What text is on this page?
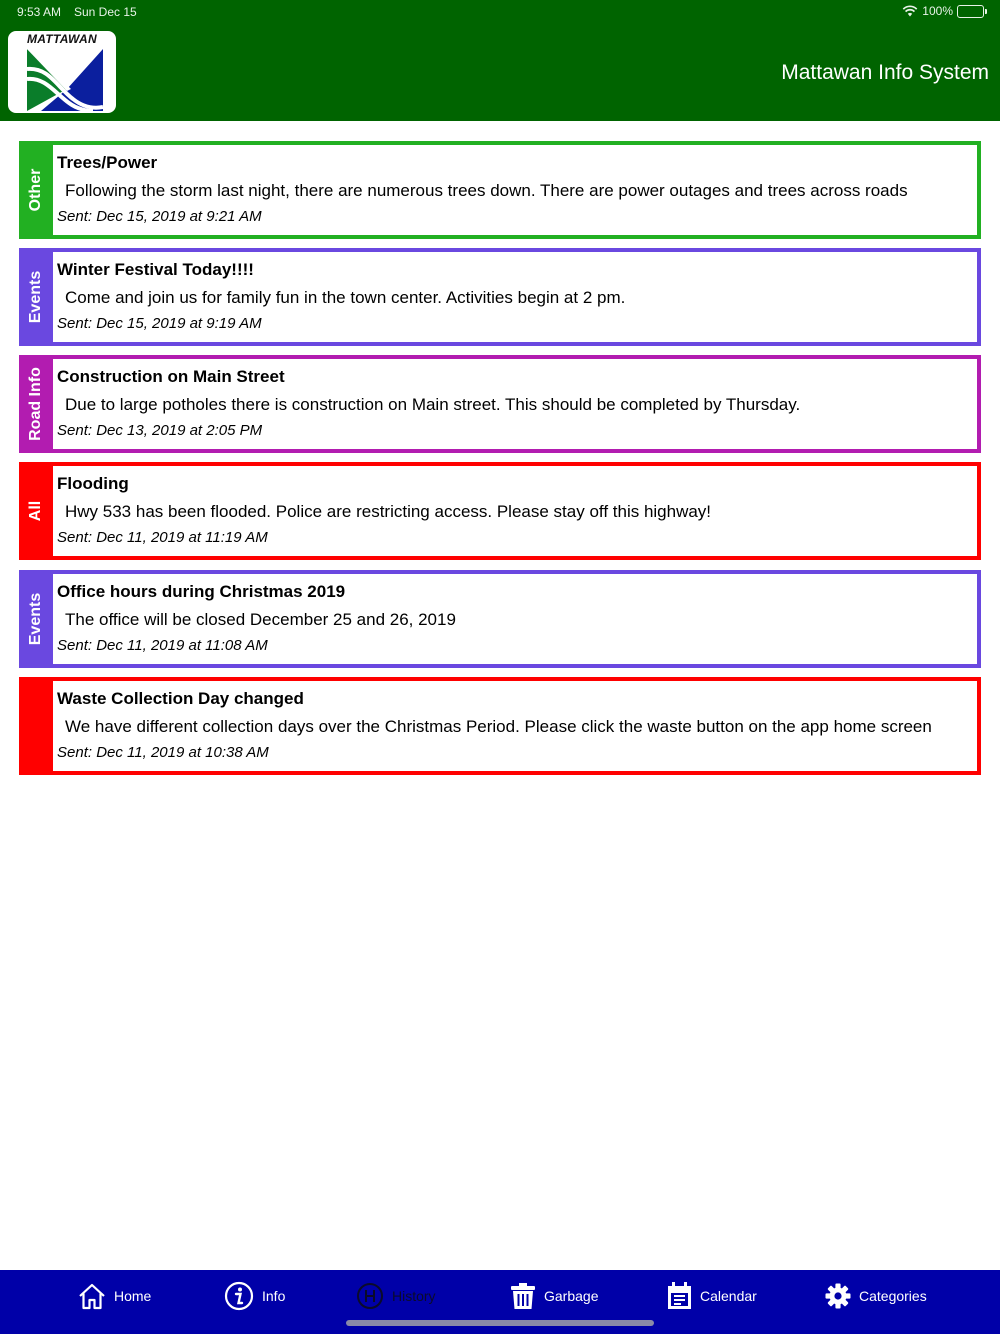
9:53 AM Sun Dec 15	100%
MATTAWAN
Mattawan Info System
Other
Trees/Power
Following the storm last night, there are numerous trees down. There are power outages and trees across roads
Sent: Dec 15, 2019 at 9:21 AM
Events
Winter Festival Today!!!!
Come and join us for family fun in the town center. Activities begin at 2 pm.
Sent: Dec 15, 2019 at 9:19 AM
Road Info Construction on Main Street
Due to large potholes there is construction on Main street. This should be completed by Thursday.
Sent: Dec 13, 2019 at 2:05 PM
All
Flooding
Hwy 533 has been flooded. Police are restricting access. Please stay off this highway!
Sent: Dec 11, 2019 at 11:19 AM
Events
Office hours during Christmas 2019
The office will be closed December 25 and 26, 2019
Sent: Dec 11, 2019 at 11:08 AM
Waste Collection Day changed
We have different collection days over the Christmas Period. Please click the waste button on the app home screen
Sent: Dec 11, 2019 at 10:38 AM
Home	Info	History	Garbage	Calendar	Categories
